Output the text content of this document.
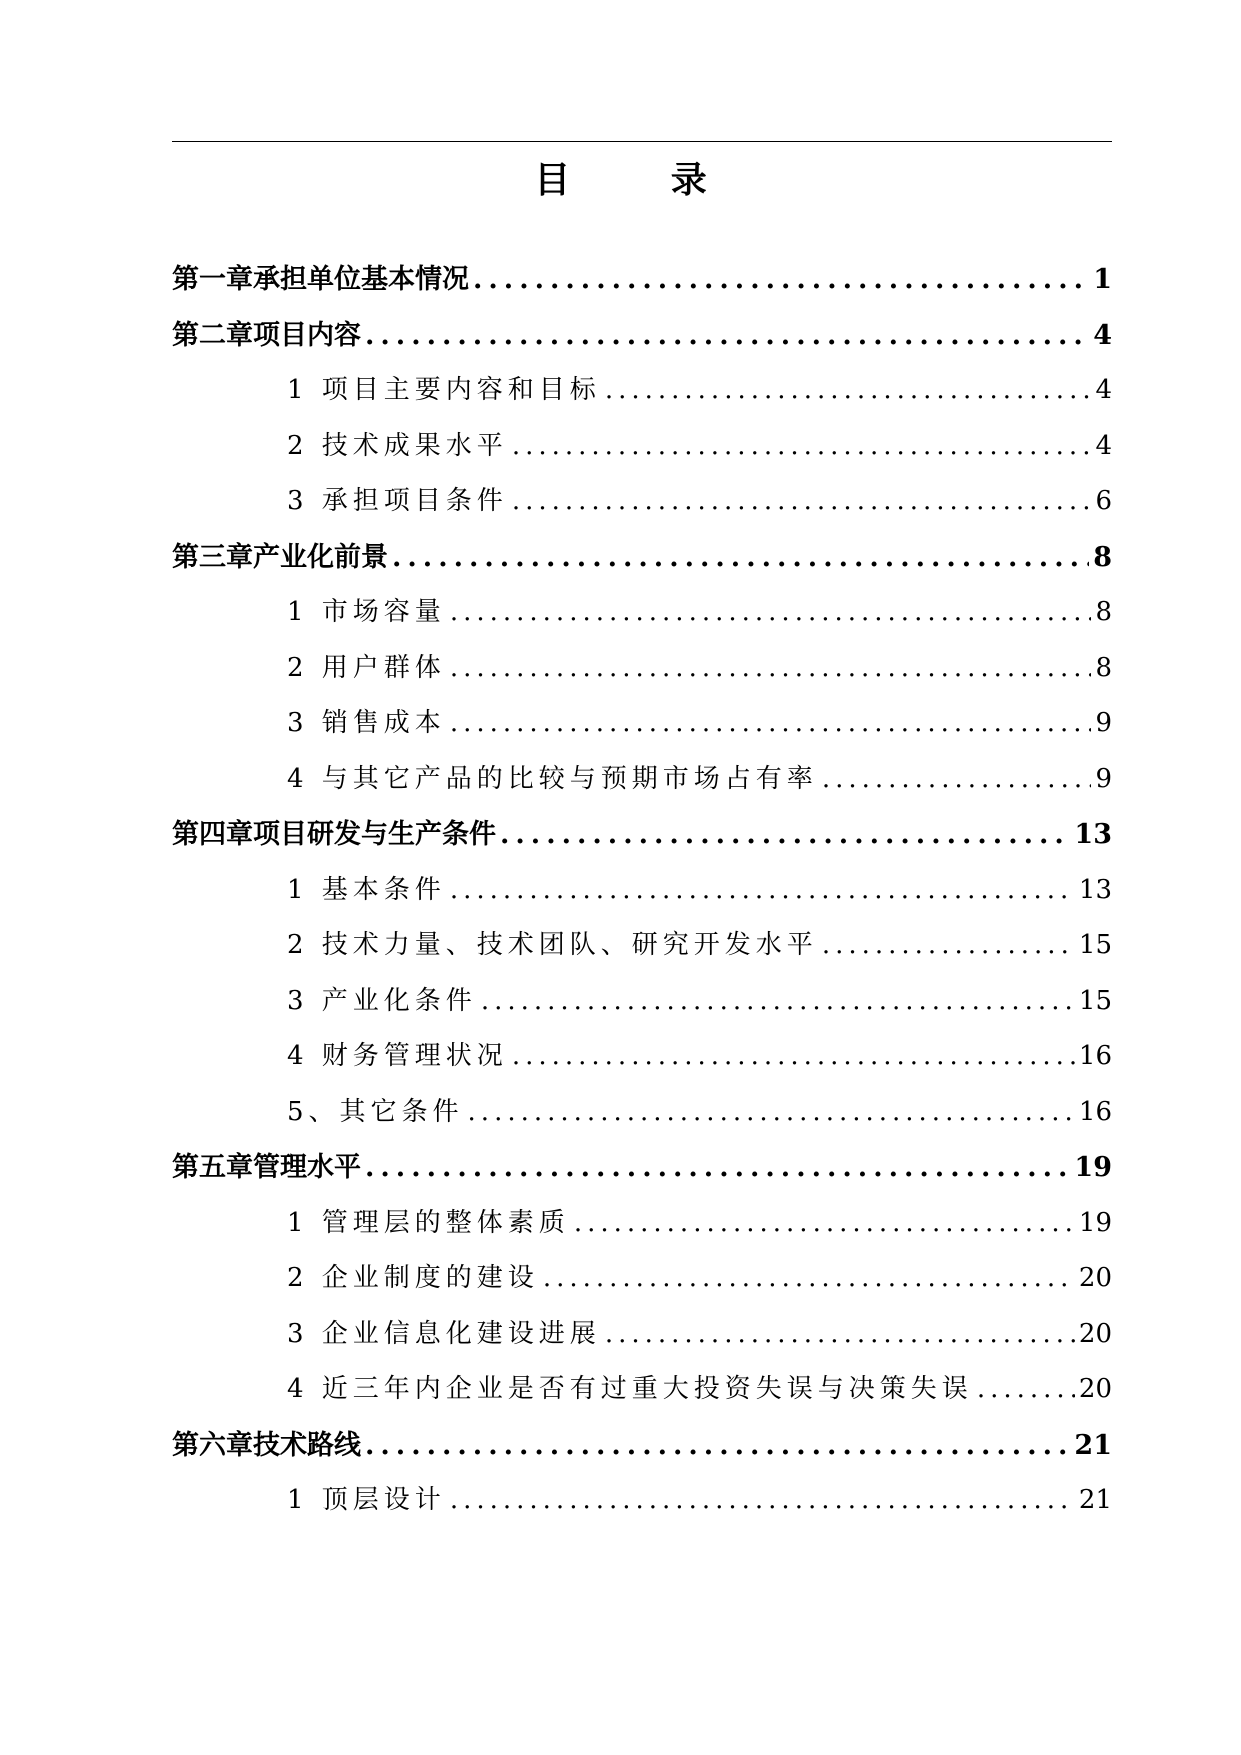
目 录
第一章 承担单位基本情况 .....	1
第二章 项目内容 .....	4
1 项目主要内容和目标 .....	4
2 技术成果水平 .....	4
3 承担项目条件 .....	6
第三章 产业化前景 .....	8
1 市场容量 .....	8
2 用户群体 .....	8
3 销售成本 .....	9
4 与其它产品的比较与预期市场占有率 .....	9
第四章 项目研发与生产条件 .....	13
1 基本条件 .....	13
2 技术力量、技术团队、研究开发水平 .....	15
3 产业化条件 .....	15
4 财务管理状况 .....	16
5、其它条件 .....	16
第五章 管理水平 .....	19
1 管理层的整体素质 .....	19
2 企业制度的建设 .....	20
3 企业信息化建设进展 .....	20
4 近三年内企业是否有过重大投资失误与决策失误 .....	20
第六章 技术路线 .....	21
1 顶层设计 .....	21
